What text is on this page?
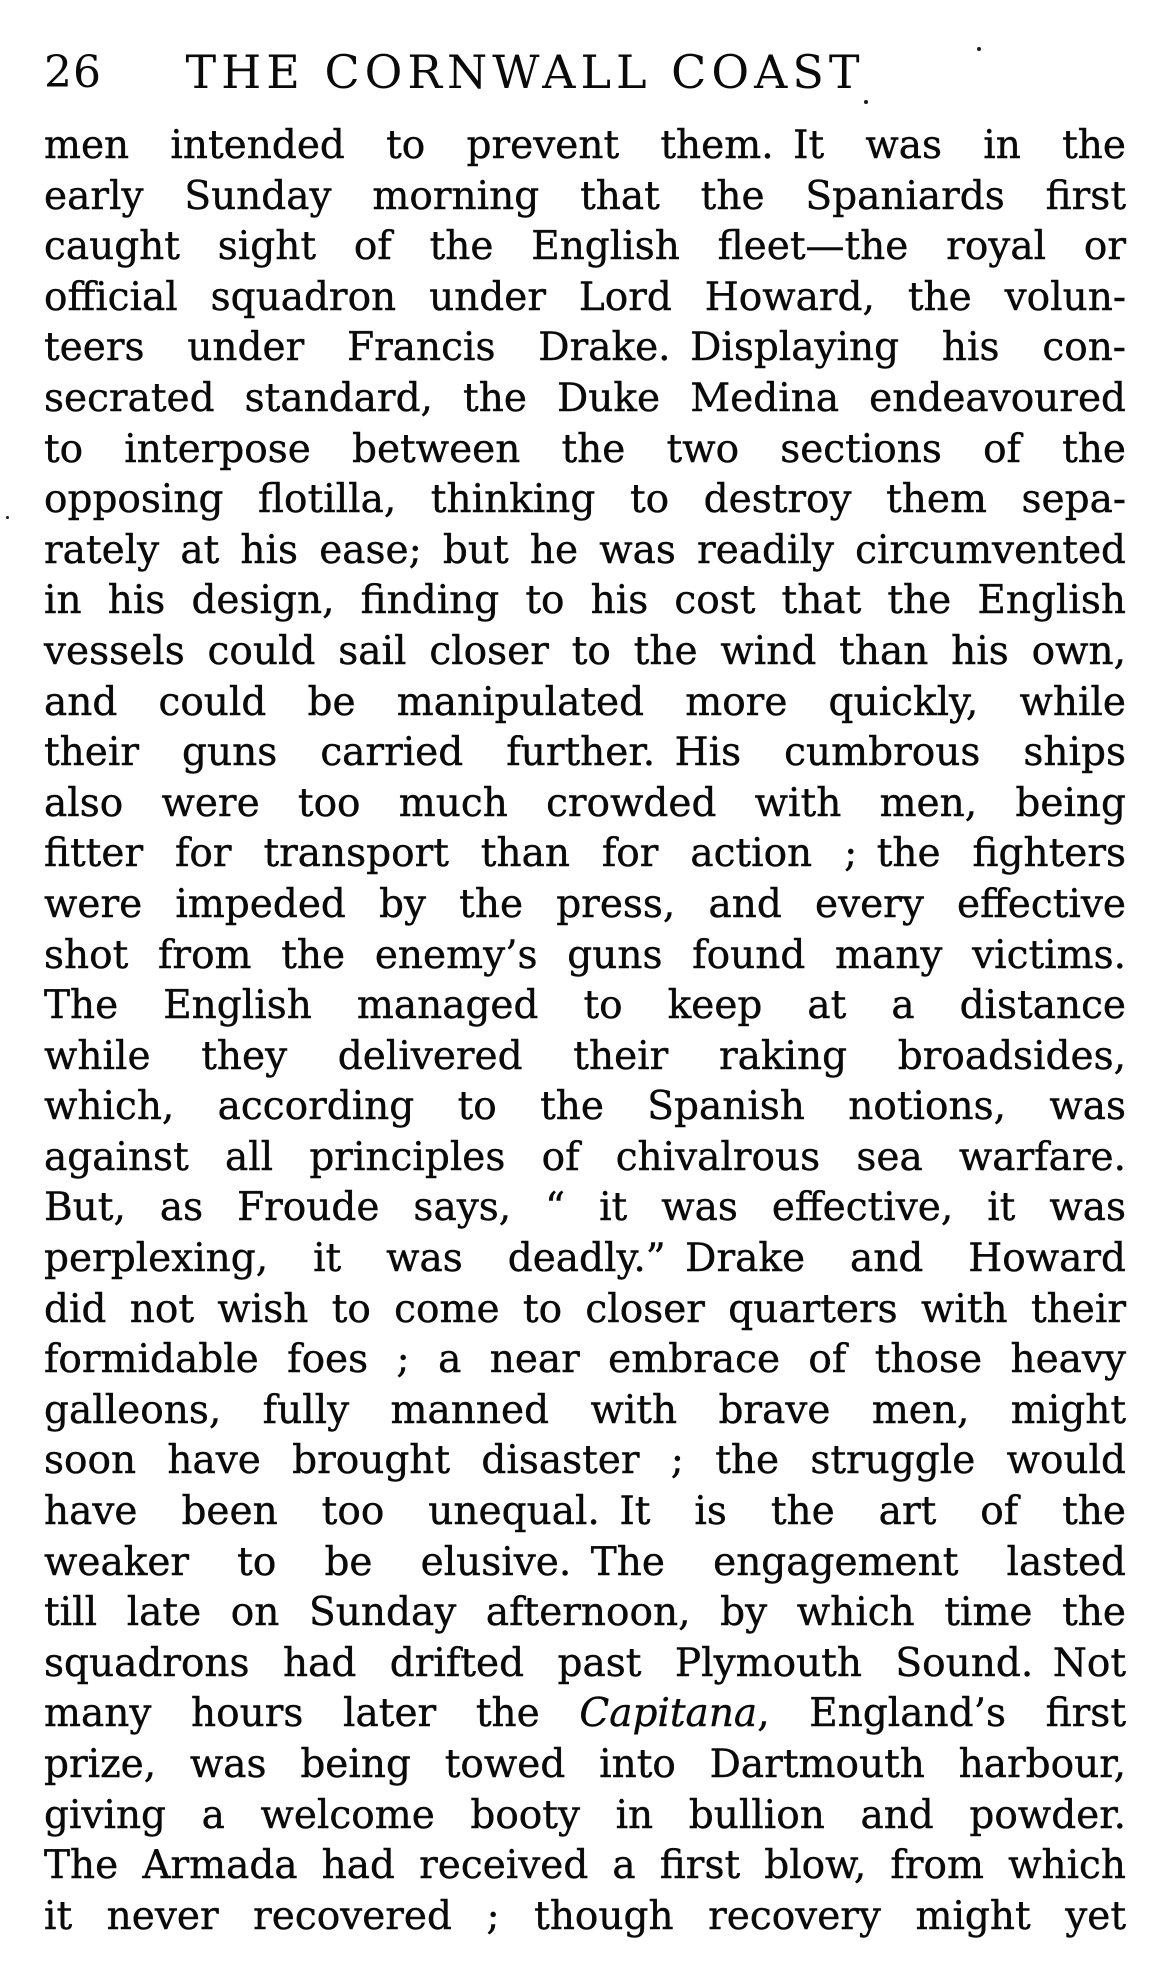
26	THE CORNWALL COAST
men intended to prevent them. It was in the
early Sunday morning that the Spaniards first
caught sight of the English fleet—the royal or
official squadron under Lord Howard, the volun-
teers under Francis Drake. Displaying his con-
secrated standard, the Duke Medina endeavoured
to interpose between the two sections of the
opposing flotilla, thinking to destroy them sepa-
rately at his ease; but he was readily circumvented
in his design, finding to his cost that the English
vessels could sail closer to the wind than his own,
and could be manipulated more quickly, while
their guns carried further. His cumbrous ships
also were too much crowded with men, being
fitter for transport than for action ; the fighters
were impeded by the press, and every effective
shot from the enemy’s guns found many victims.
The English managed to keep at a distance
while they delivered their raking broadsides,
which, according to the Spanish notions, was
against all principles of chivalrous sea warfare.
But, as Froude says, “ it was effective, it was
perplexing, it was deadly.” Drake and Howard
did not wish to come to closer quarters with their
formidable foes ; a near embrace of those heavy
galleons, fully manned with brave men, might
soon have brought disaster ; the struggle would
have been too unequal. It is the art of the
weaker to be elusive. The engagement lasted
till late on Sunday afternoon, by which time the
squadrons had drifted past Plymouth Sound. Not
many hours later the Capitana, England’s first
prize, was being towed into Dartmouth harbour,
giving a welcome booty in bullion and powder.
The Armada had received a first blow, from which
it never recovered ; though recovery might yet
